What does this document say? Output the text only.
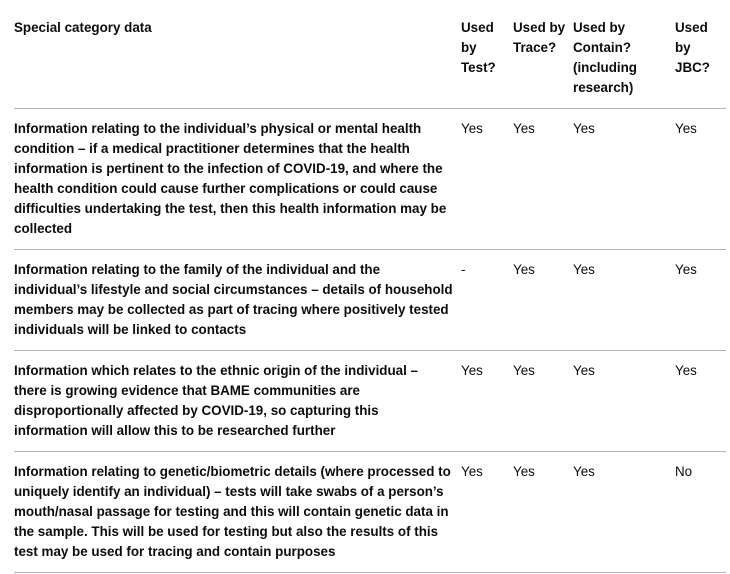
Special category data	Used by Test?	Used by Trace?	Used by Contain? (including research)	Used by JBC?
Information relating to the individual’s physical or mental health condition – if a medical practitioner determines that the health information is pertinent to the infection of COVID-19, and where the health condition could cause further complications or could cause difficulties undertaking the test, then this health information may be collected	Yes	Yes	Yes	Yes
Information relating to the family of the individual and the individual’s lifestyle and social circumstances – details of household members may be collected as part of tracing where positively tested individuals will be linked to contacts	-	Yes	Yes	Yes
Information which relates to the ethnic origin of the individual – there is growing evidence that BAME communities are disproportionally affected by COVID-19, so capturing this information will allow this to be researched further	Yes	Yes	Yes	Yes
Information relating to genetic/biometric details (where processed to uniquely identify an individual) – tests will take swabs of a person’s mouth/nasal passage for testing and this will contain genetic data in the sample. This will be used for testing but also the results of this test may be used for tracing and contain purposes	Yes	Yes	Yes	No
